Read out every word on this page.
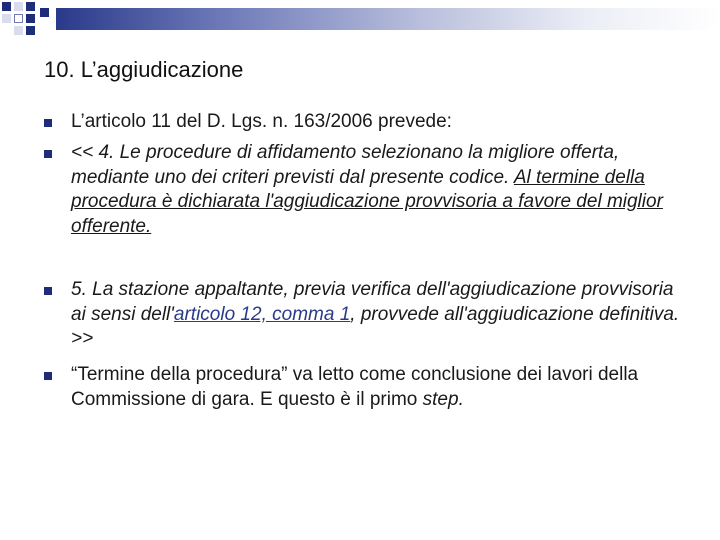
10. L’aggiudicazione
L’articolo 11 del D. Lgs. n. 163/2006 prevede:
<< 4. Le procedure di affidamento selezionano la migliore offerta, mediante uno dei criteri previsti dal presente codice. Al termine della procedura è dichiarata l'aggiudicazione provvisoria a favore del miglior offerente.
5. La stazione appaltante, previa verifica dell'aggiudicazione provvisoria ai sensi dell'articolo 12, comma 1, provvede all'aggiudicazione definitiva. >>
“Termine della procedura” va letto come conclusione dei lavori della Commissione di gara. E questo è il primo step.
